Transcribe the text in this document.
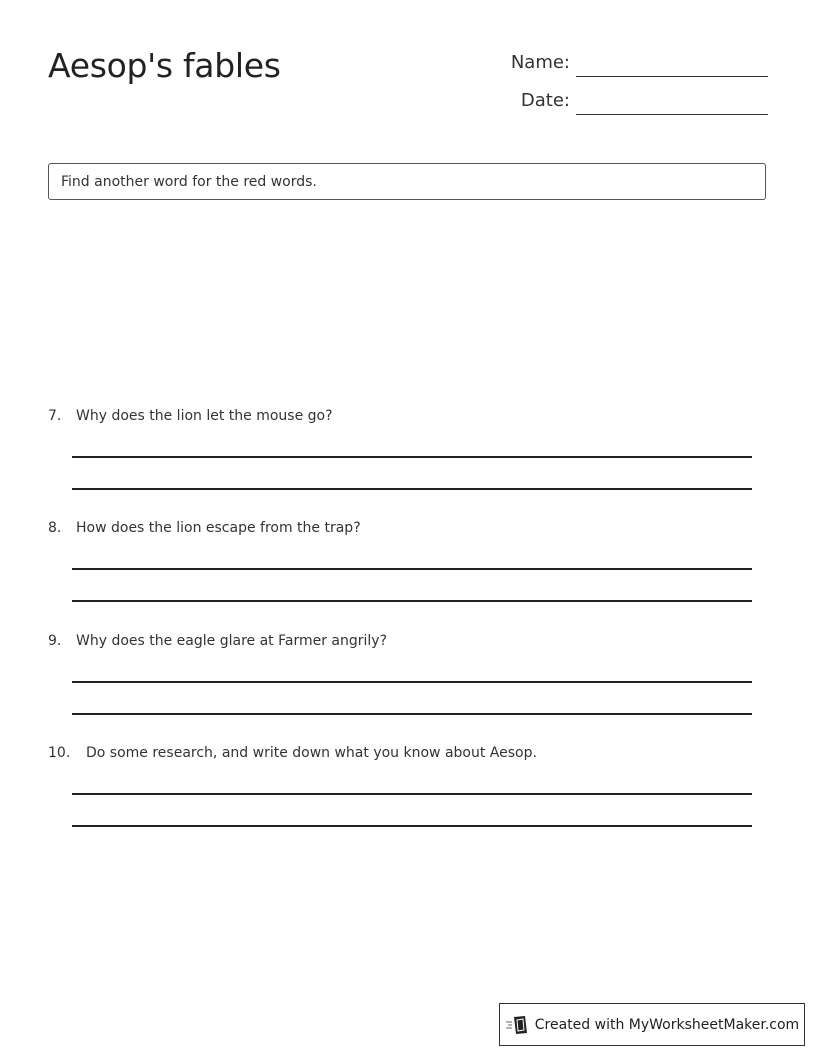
Aesop's fables	Name:
Date:
Find another word for the red words.
7.	Why does the lion let the mouse go?
8.	How does the lion escape from the trap?
9.	Why does the eagle glare at Farmer angrily?
10.	Do some research, and write down what you know about Aesop.
Created with MyWorksheetMaker.com
